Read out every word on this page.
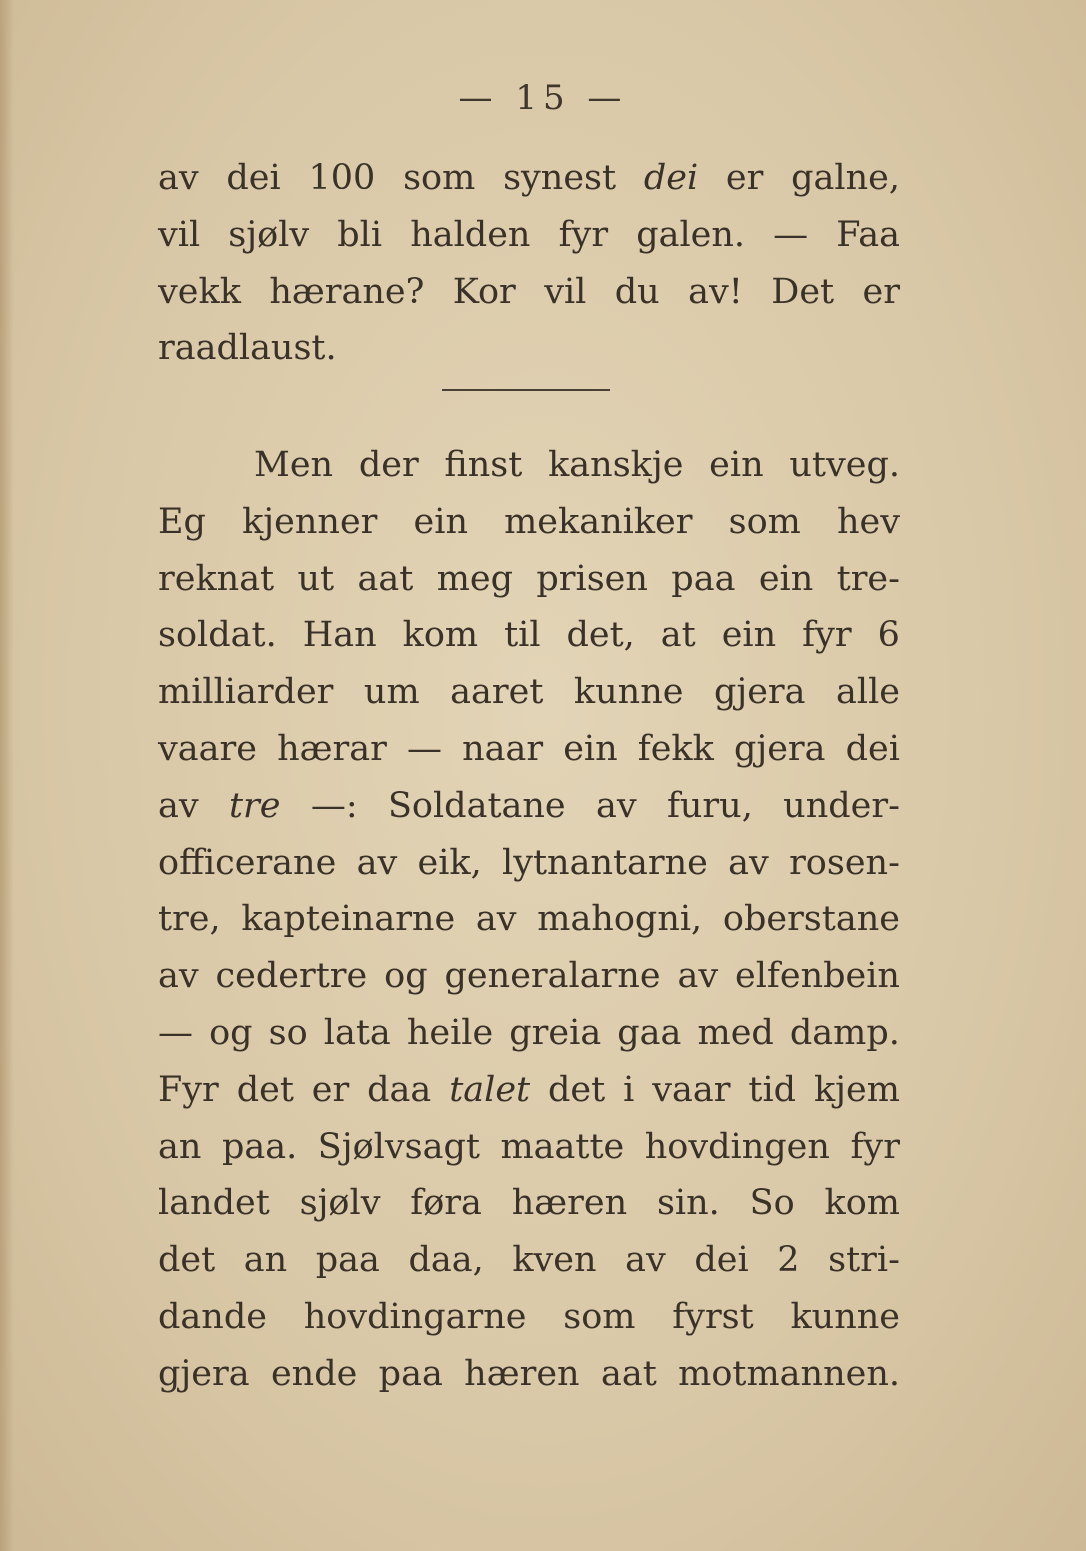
— 15 —
av dei 100 som synest dei er galne,
vil sjølv bli halden fyr galen. — Faa
vekk hærane? Kor vil du av! Det er
raadlaust.
Men der finst kanskje ein utveg.
Eg kjenner ein mekaniker som hev
reknat ut aat meg prisen paa ein tre-
soldat. Han kom til det, at ein fyr 6
milliarder um aaret kunne gjera alle
vaare hærar — naar ein fekk gjera dei
av tre —: Soldatane av furu, under-
officerane av eik, lytnantarne av rosen-
tre, kapteinarne av mahogni, oberstane
av cedertre og generalarne av elfenbein
— og so lata heile greia gaa med damp.
Fyr det er daa talet det i vaar tid kjem
an paa. Sjølvsagt maatte hovdingen fyr
landet sjølv føra hæren sin. So kom
det an paa daa, kven av dei 2 stri-
dande hovdingarne som fyrst kunne
gjera ende paa hæren aat motmannen.
